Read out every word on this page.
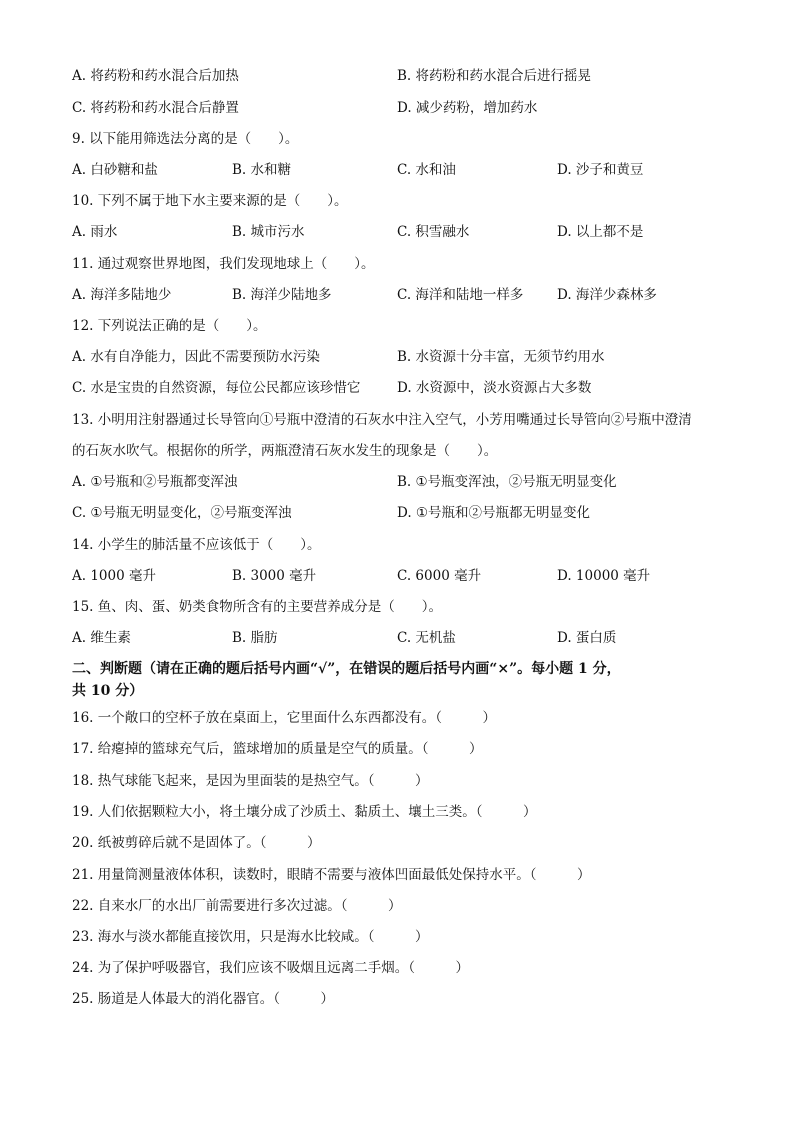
A. 将药粉和药水混合后加热	B. 将药粉和药水混合后进行摇晃
C. 将药粉和药水混合后静置	D. 减少药粉，增加药水
9. 以下能用筛选法分离的是（　　）。
A. 白砂糖和盐	B. 水和糖	C. 水和油	D. 沙子和黄豆
10. 下列不属于地下水主要来源的是（　　）。
A. 雨水	B. 城市污水	C. 积雪融水	D. 以上都不是
11. 通过观察世界地图，我们发现地球上（　　）。
A. 海洋多陆地少	B. 海洋少陆地多	C. 海洋和陆地一样多 D. 海洋少森林多
12. 下列说法正确的是（　　）。
A. 水有自净能力，因此不需要预防水污染	B. 水资源十分丰富，无须节约用水
C. 水是宝贵的自然资源，每位公民都应该珍惜它	D. 水资源中，淡水资源占大多数
13. 小明用注射器通过长导管向①号瓶中澄清的石灰水中注入空气，小芳用嘴通过长导管向②号瓶中澄清
的石灰水吹气。根据你的所学，两瓶澄清石灰水发生的现象是（　　）。
A. ①号瓶和②号瓶都变浑浊	B. ①号瓶变浑浊，②号瓶无明显变化
C. ①号瓶无明显变化，②号瓶变浑浊	D. ①号瓶和②号瓶都无明显变化
14. 小学生的肺活量不应该低于（　　）。
A. 1000 毫升	B. 3000 毫升	C. 6000 毫升	D. 10000 毫升
15. 鱼、肉、蛋、奶类食物所含有的主要营养成分是（　　）。
A. 维生素	B. 脂肪	C. 无机盐	D. 蛋白质
二、判断题（请在正确的题后括号内画“√”，在错误的题后括号内画“×”。每小题 1 分，
共 10 分）
16. 一个敞口的空杯子放在桌面上，它里面什么东西都没有。（　　　）
17. 给瘪掉的篮球充气后，篮球增加的质量是空气的质量。（　　　）
18. 热气球能飞起来，是因为里面装的是热空气。（　　　）
19. 人们依据颗粒大小，将土壤分成了沙质土、黏质土、壤土三类。（　　　）
20. 纸被剪碎后就不是固体了。（　　　）
21. 用量筒测量液体体积，读数时，眼睛不需要与液体凹面最低处保持水平。（　　　）
22. 自来水厂的水出厂前需要进行多次过滤。（　　　）
23. 海水与淡水都能直接饮用，只是海水比较咸。（　　　）
24. 为了保护呼吸器官，我们应该不吸烟且远离二手烟。（　　　）
25. 肠道是人体最大的消化器官。（　　　）
